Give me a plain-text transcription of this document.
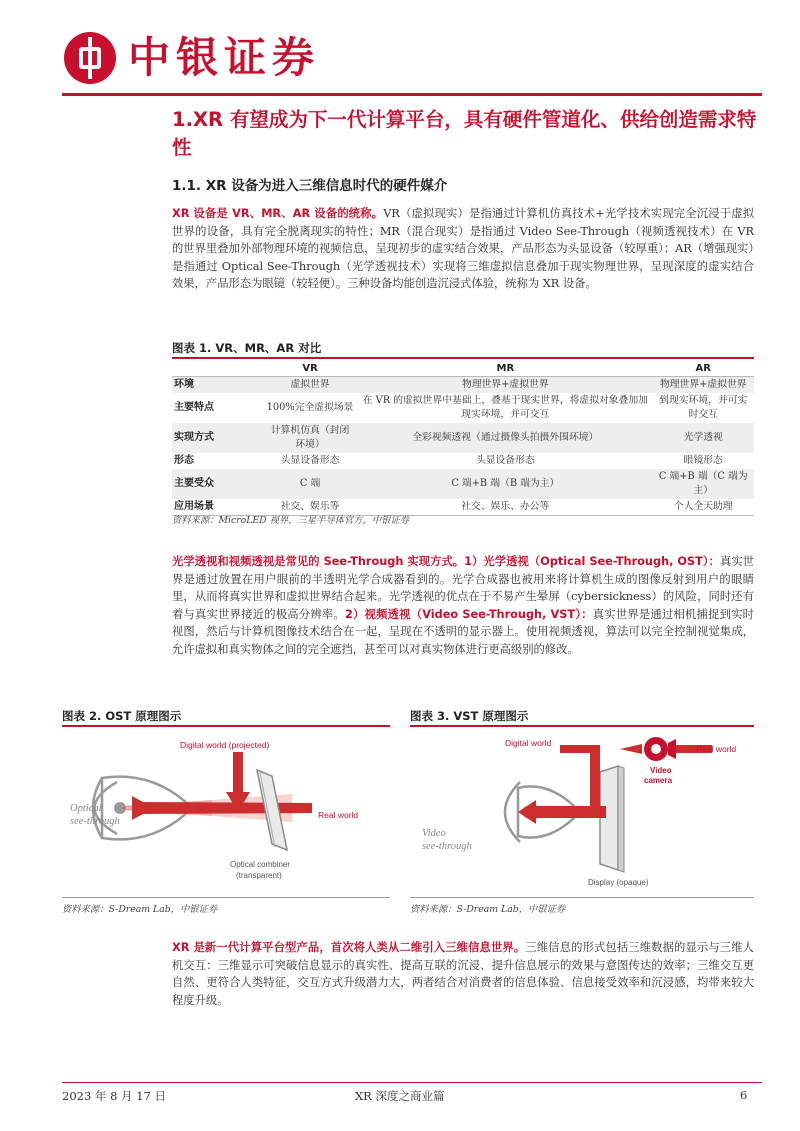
中银证券
1.XR 有望成为下一代计算平台，具有硬件管道化、供给创造需求特性
1.1. XR 设备为进入三维信息时代的硬件媒介
XR 设备是 VR、MR、AR 设备的统称。VR（虚拟现实）是指通过计算机仿真技术+光学技术实现完全沉浸于虚拟世界的设备，具有完全脱离现实的特性；MR（混合现实）是指通过 Video See-Through（视频透视技术）在 VR 的世界里叠加外部物理环境的视频信息，呈现初步的虚实结合效果，产品形态为头显设备（较厚重）；AR（增强现实）是指通过 Optical See-Through（光学透视技术）实现将三维虚拟信息叠加于现实物理世界，呈现深度的虚实结合效果，产品形态为眼镜（较轻便）。三种设备均能创造沉浸式体验，统称为 XR 设备。
图表 1. VR、MR、AR 对比
	VR	MR	AR
环境	虚拟世界	物理世界+虚拟世界	物理世界+虚拟世界
主要特点	100%完全虚拟场景	在 VR 的虚拟世界中基础上，叠基于现实世界，将虚拟对象叠加加现实环境，并可交互	到现实环境，并可实时交互
实现方式	计算机仿真（封闭环境）	全彩视频透视（通过摄像头拍摄外围环境）	光学透视
形态	头显设备形态	头显设备形态	眼镜形态
主要受众	C 端	C 端+B 端（B 端为主）	C 端+B 端（C 端为主）
应用场景	社交、娱乐等	社交、娱乐、办公等	个人全天助理
资料来源：MicroLED 视界，三星半导体官方，中银证券
光学透视和视频透视是常见的 See-Through 实现方式。1）光学透视（Optical See-Through, OST）：真实世界是通过放置在用户眼前的半透明光学合成器看到的。光学合成器也被用来将计算机生成的图像反射到用户的眼睛里，从而将真实世界和虚拟世界结合起来。光学透视的优点在于不易产生晕屏（cybersickness）的风险，同时还有着与真实世界接近的极高分辨率。2）视频透视（Video See-Through, VST）：真实世界是通过相机捕捉到实时视图，然后与计算机图像技术结合在一起，呈现在不透明的显示器上。使用视频透视，算法可以完全控制视觉集成，允许虚拟和真实物体之间的完全遮挡，甚至可以对真实物体进行更高级别的修改。
图表 2. OST 原理图示
Digital world (projected)
Real world
Optical combiner
(transparent)
Optical
see-through
资料来源：S-Dream Lab，中银证券
图表 3. VST 原理图示
Digital world
Real world
Video
camera
Display (opaque)
Video
see-through
资料来源：S-Dream Lab，中银证券
XR 是新一代计算平台型产品，首次将人类从二维引入三维信息世界。三维信息的形式包括三维数据的显示与三维人机交互：三维显示可突破信息显示的真实性、提高互联的沉浸、提升信息展示的效果与意图传达的效率；三维交互更自然、更符合人类特征，交互方式升级潜力大，两者结合对消费者的信息体验、信息接受效率和沉浸感，均带来较大程度升级。
2023 年 8 月 17 日	XR 深度之商业篇	6
